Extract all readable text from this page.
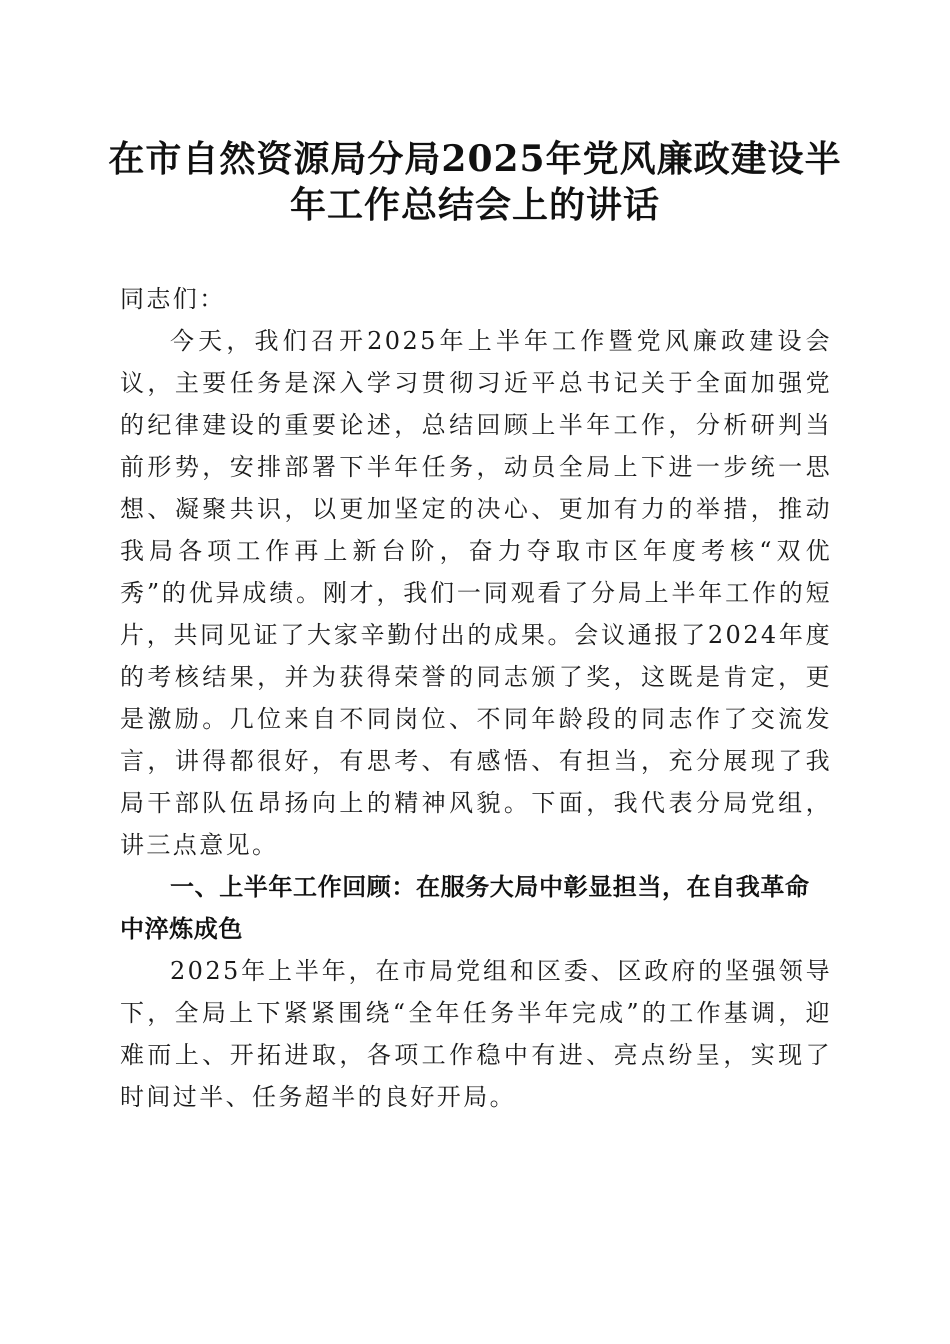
在市自然资源局分局2025年党风廉政建设半年工作总结会上的讲话

同志们：

今天，我们召开2025年上半年工作暨党风廉政建设会议，主要任务是深入学习贯彻习近平总书记关于全面加强党的纪律建设的重要论述，总结回顾上半年工作，分析研判当前形势，安排部署下半年任务，动员全局上下进一步统一思想、凝聚共识，以更加坚定的决心、更加有力的举措，推动我局各项工作再上新台阶，奋力夺取市区年度考核“双优秀”的优异成绩。刚才，我们一同观看了分局上半年工作的短片，共同见证了大家辛勤付出的成果。会议通报了2024年度的考核结果，并为获得荣誉的同志颁了奖，这既是肯定，更是激励。几位来自不同岗位、不同年龄段的同志作了交流发言，讲得都很好，有思考、有感悟、有担当，充分展现了我局干部队伍昂扬向上的精神风貌。下面，我代表分局党组，讲三点意见。

一、上半年工作回顾：在服务大局中彰显担当，在自我革命中淬炼成色

2025年上半年，在市局党组和区委、区政府的坚强领导下，全局上下紧紧围绕“全年任务半年完成”的工作基调，迎难而上、开拓进取，各项工作稳中有进、亮点纷呈，实现了时间过半、任务超半的良好开局。
